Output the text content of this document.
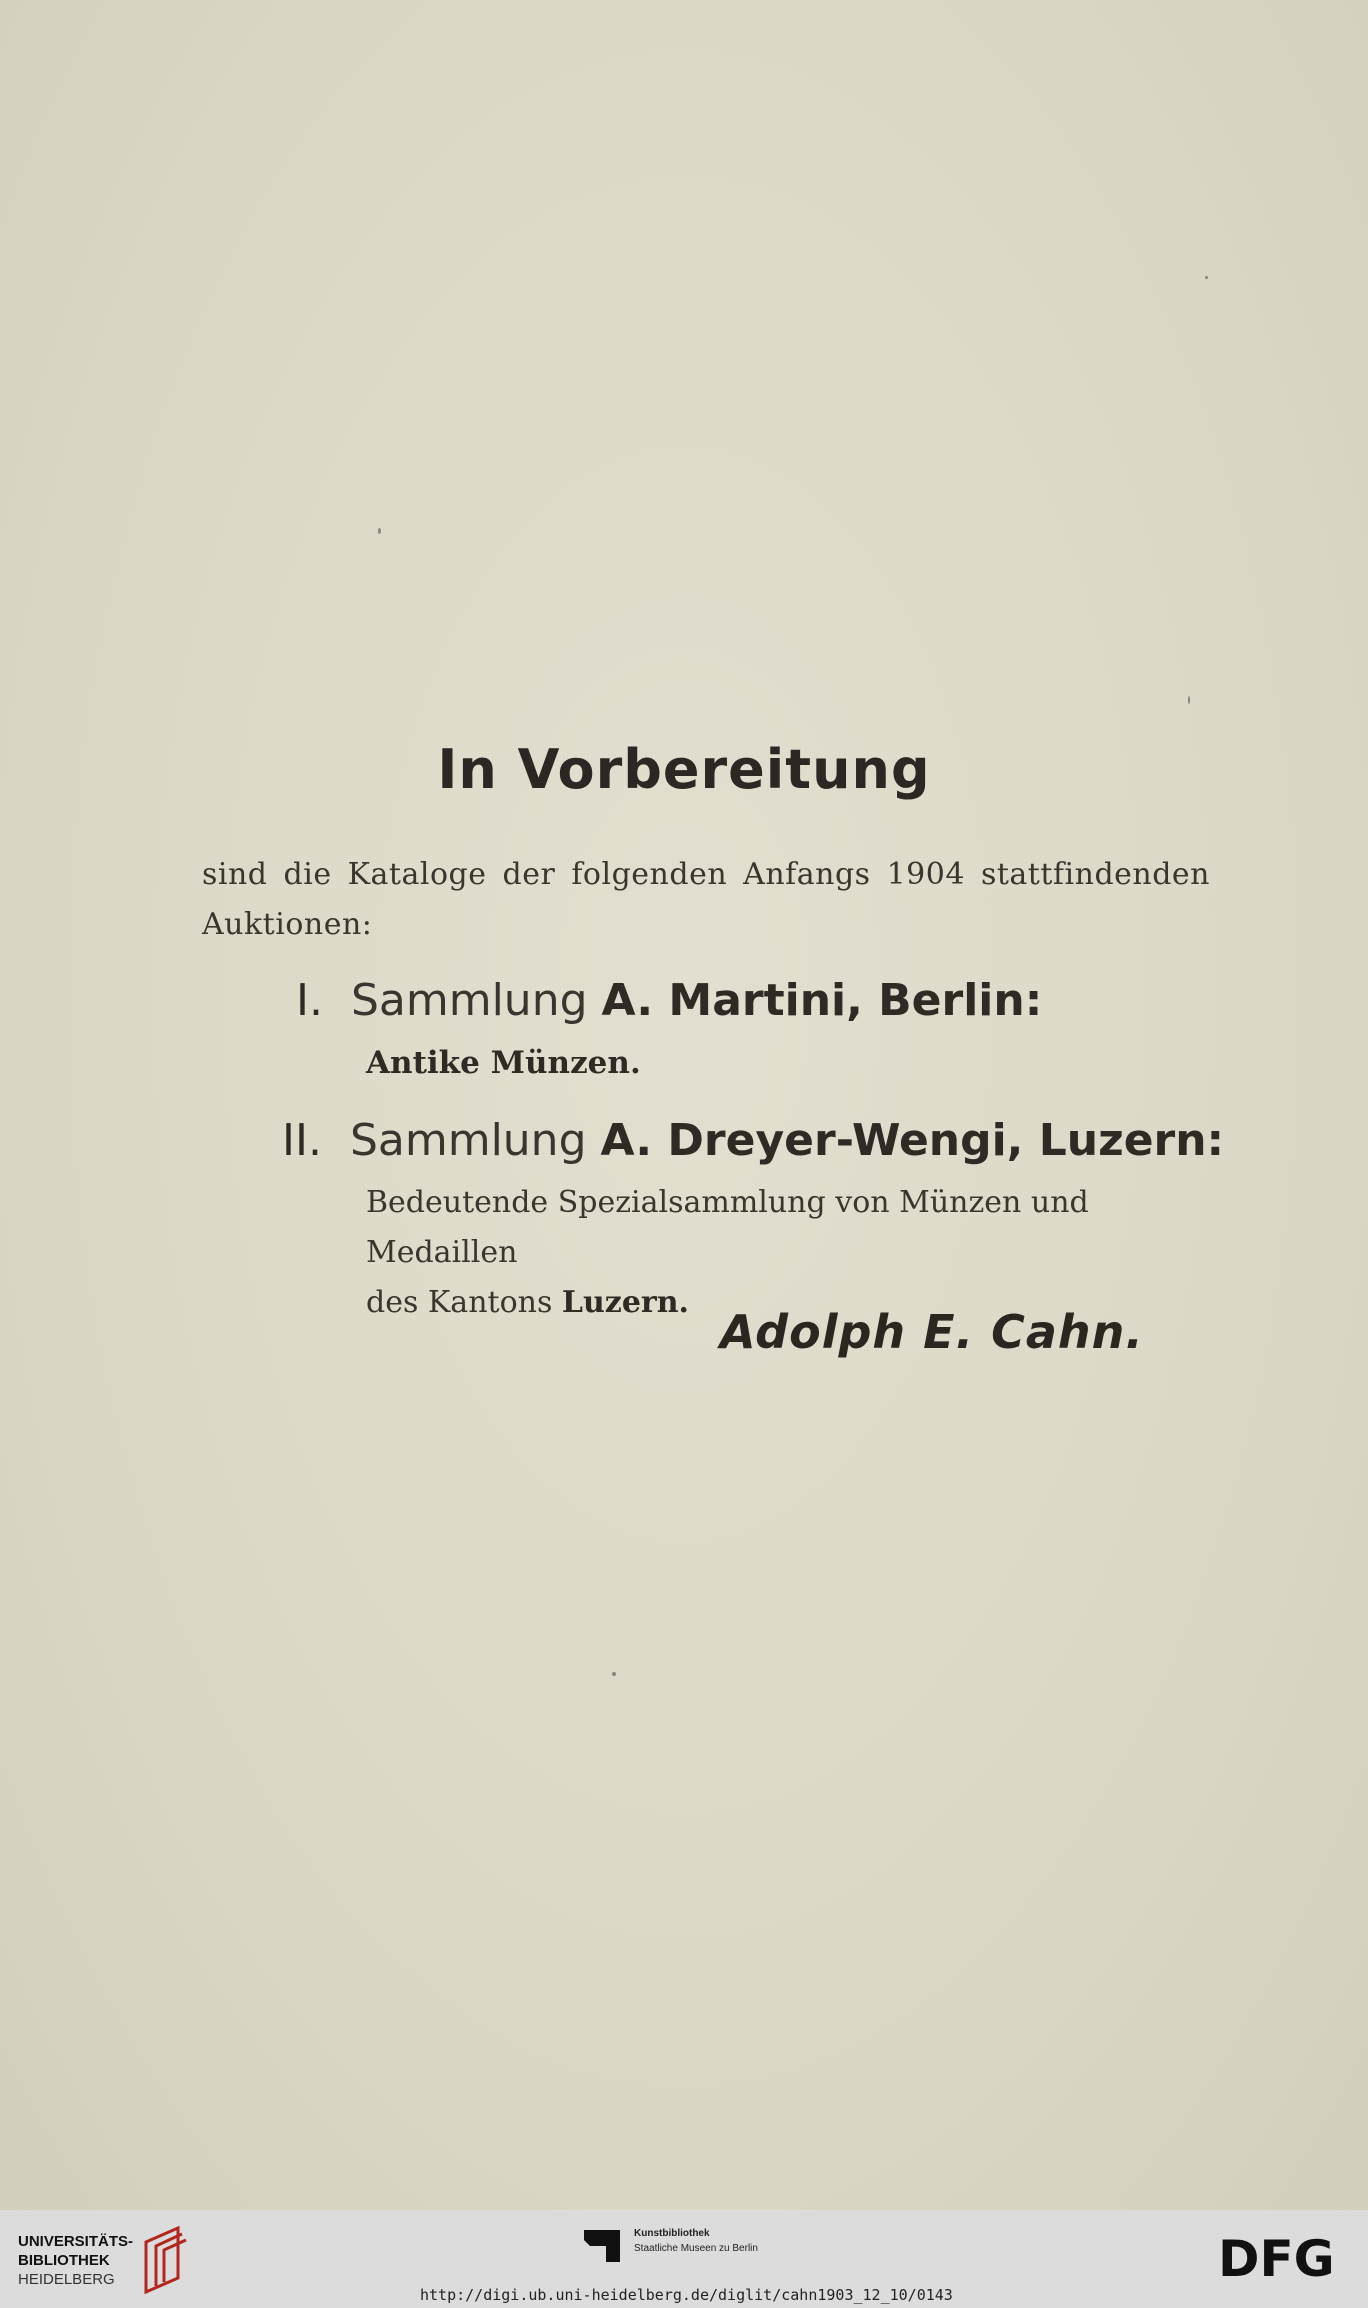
In Vorbereitung
sind die Kataloge der folgenden Anfangs 1904 stattfindenden
Auktionen:
I. Sammlung A. Martini, Berlin:
Antike Münzen.
II. Sammlung A. Dreyer-Wengi, Luzern:
Bedeutende Spezialsammlung von Münzen und Medaillen
des Kantons Luzern.
Adolph E. Cahn.
UNIVERSITÄTS-
BIBLIOTHEK
HEIDELBERG
Kunstbibliothek
Staatliche Museen zu Berlin	DFG
http://digi.ub.uni-heidelberg.de/diglit/cahn1903_12_10/0143
